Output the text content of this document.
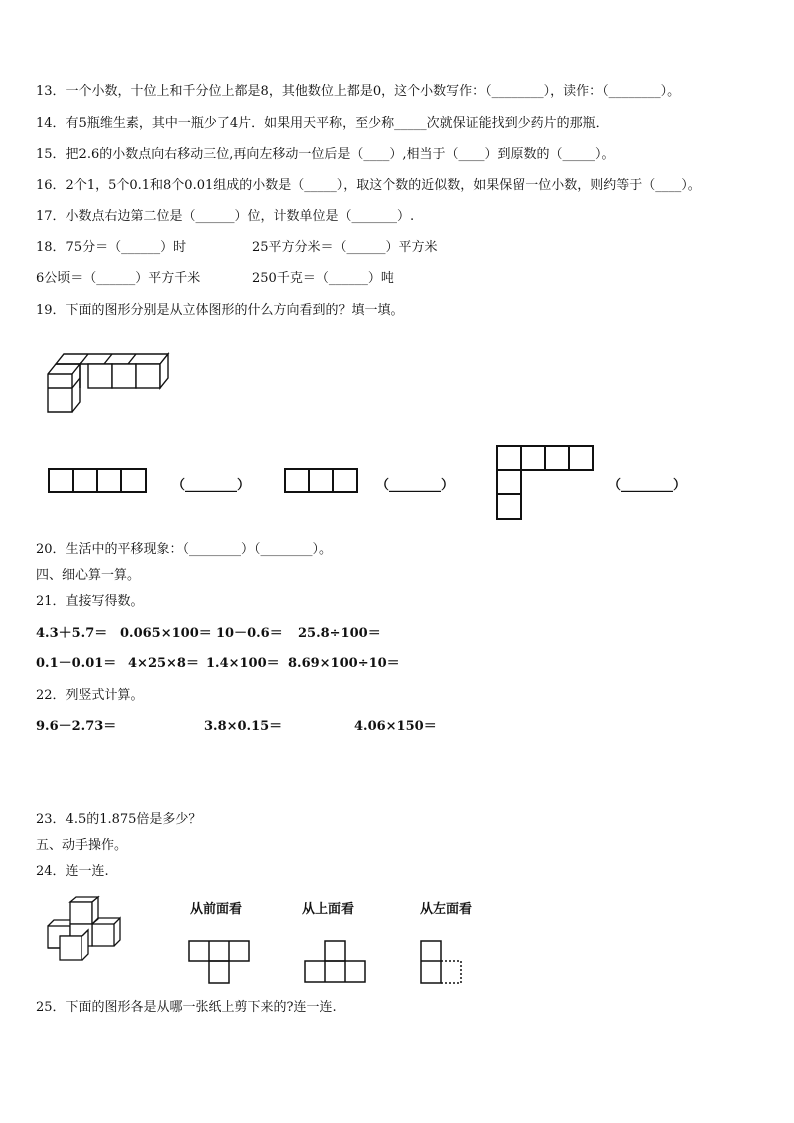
13．一个小数，十位上和千分位上都是8，其他数位上都是0，这个小数写作：（________），读作：（________）。
14．有5瓶维生素，其中一瓶少了4片．如果用天平称，至少称_____次就保证能找到少药片的那瓶．
15．把2.6的小数点向右移动三位,再向左移动一位后是（____）,相当于（____）到原数的（_____）。
16．2个1，5个0.1和8个0.01组成的小数是（_____），取这个数的近似数，如果保留一位小数，则约等于（____）。
17．小数点右边第二位是（______）位，计数单位是（_______）.
18．75分＝（______）时	25平方分米＝（______）平方米
6公顷＝（______）平方千米	250千克＝（______）吨
19．下面的图形分别是从立体图形的什么方向看到的？填一填。
（________）	（________）	（________）
20．生活中的平移现象：（________）（________）。
四、细心算一算。
21．直接写得数。
4.3＋5.7＝ 0.065×100＝ 10－0.6＝ 25.8÷100＝
0.1－0.01＝ 4×25×8＝ 1.4×100＝ 8.69×100÷10＝
22．列竖式计算。
9.6－2.73＝	3.8×0.15＝	4.06×150＝
23．4.5的1.875倍是多少？
五、动手操作。
24．连一连.
从前面看	从上面看	从左面看
25．下面的图形各是从哪一张纸上剪下来的?连一连.
